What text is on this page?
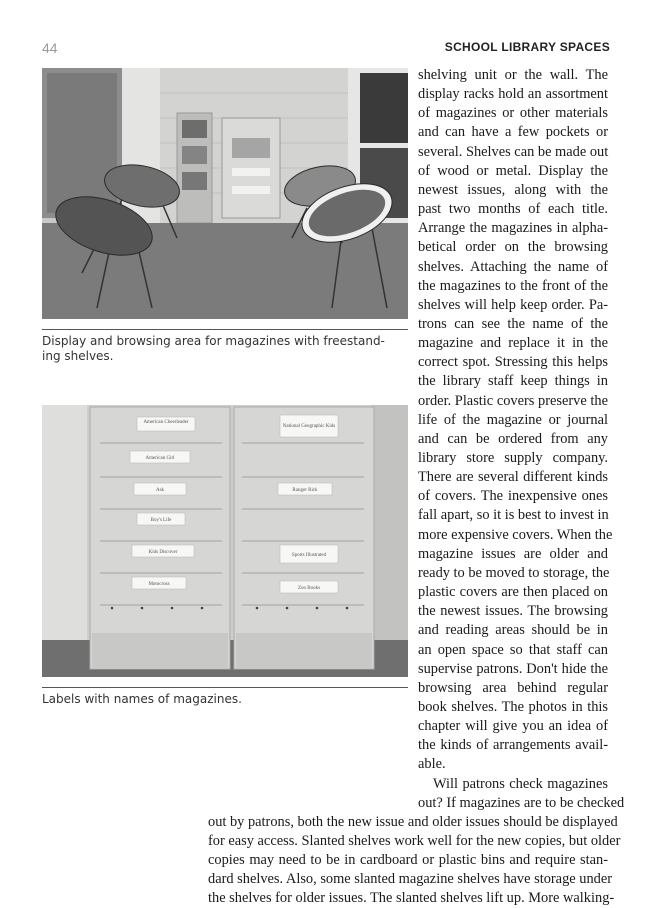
44	SCHOOL LIBRARY SPACES
Display and browsing area for magazines with freestand-
ing shelves.
American Cheerleader
American Girl
Ask
Boy's Life
Kids Discover
Motocross
National Geographic Kids
Ranger Rick
Sports Illustrated
Zoo Books
Labels with names of magazines.
shelving unit or the wall. The
display racks hold an assortment
of magazines or other materials
and can have a few pockets or
several. Shelves can be made out
of wood or metal. Display the
newest issues, along with the
past two months of each title.
Arrange the magazines in alpha-
betical order on the browsing
shelves. Attaching the name of
the magazines to the front of the
shelves will help keep order. Pa-
trons can see the name of the
magazine and replace it in the
correct spot. Stressing this helps
the library staff keep things in
order. Plastic covers preserve the
life of the magazine or journal
and can be ordered from any
library store supply company.
There are several different kinds
of covers. The inexpensive ones
fall apart, so it is best to invest in
more expensive covers. When the
magazine issues are older and
ready to be moved to storage, the
plastic covers are then placed on
the newest issues. The browsing
and reading areas should be in
an open space so that staff can
supervise patrons. Don't hide the
browsing area behind regular
book shelves. The photos in this
chapter will give you an idea of
the kinds of arrangements avail-
able.
Will patrons check magazines
out? If magazines are to be checked
out by patrons, both the new issue and older issues should be displayed
for easy access. Slanted shelves work well for the new copies, but older
copies may need to be in cardboard or plastic bins and require stan-
dard shelves. Also, some slanted magazine shelves have storage under
the shelves for older issues. The slanted shelves lift up. More walking-
